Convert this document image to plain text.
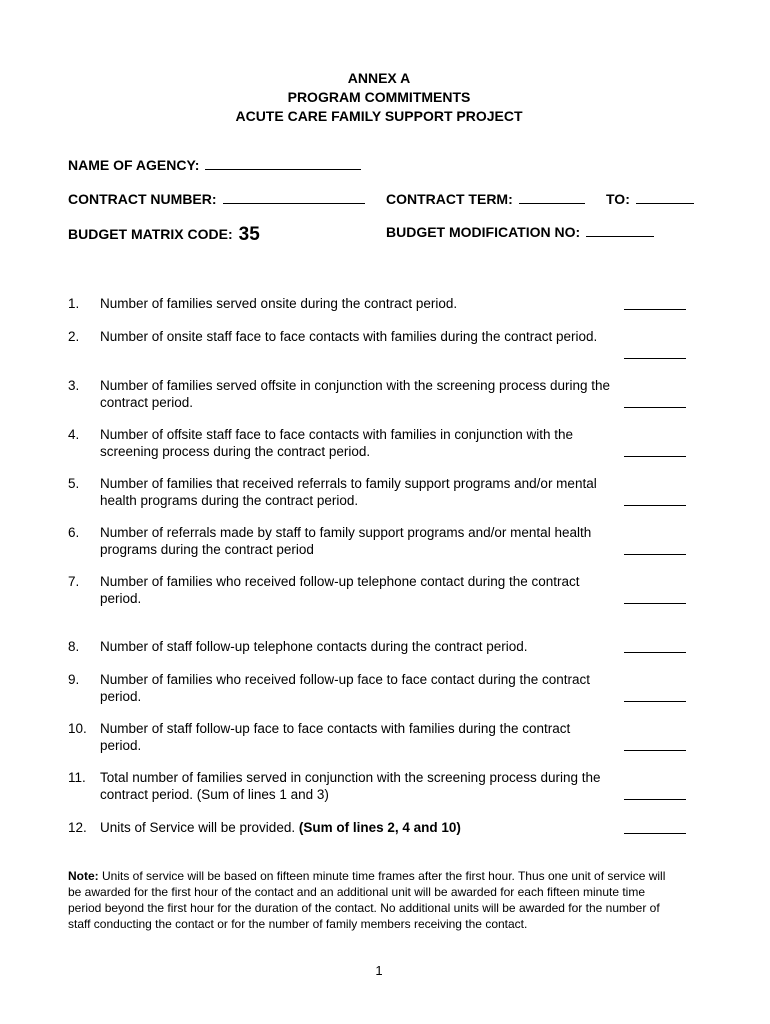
ANNEX A
PROGRAM COMMITMENTS
ACUTE CARE FAMILY SUPPORT PROJECT
NAME OF AGENCY:
CONTRACT NUMBER:	CONTRACT TERM:	TO:
BUDGET MATRIX CODE: 35	BUDGET MODIFICATION NO:
1. Number of families served onsite during the contract period.
2. Number of onsite staff face to face contacts with families during the contract period.
3. Number of families served offsite in conjunction with the screening process during the contract period.
4. Number of offsite staff face to face contacts with families in conjunction with the screening process during the contract period.
5. Number of families that received referrals to family support programs and/or mental health programs during the contract period.
6. Number of referrals made by staff to family support programs and/or mental health programs during the contract period
7. Number of families who received follow-up telephone contact during the contract period.
8. Number of staff follow-up telephone contacts during the contract period.
9. Number of families who received follow-up face to face contact during the contract period.
10. Number of staff follow-up face to face contacts with families during the contract period.
11. Total number of families served in conjunction with the screening process during the contract period. (Sum of lines 1 and 3)
12. Units of Service will be provided. (Sum of lines 2, 4 and 10)
Note: Units of service will be based on fifteen minute time frames after the first hour. Thus one unit of service will be awarded for the first hour of the contact and an additional unit will be awarded for each fifteen minute time period beyond the first hour for the duration of the contact. No additional units will be awarded for the number of staff conducting the contact or for the number of family members receiving the contact.
1
